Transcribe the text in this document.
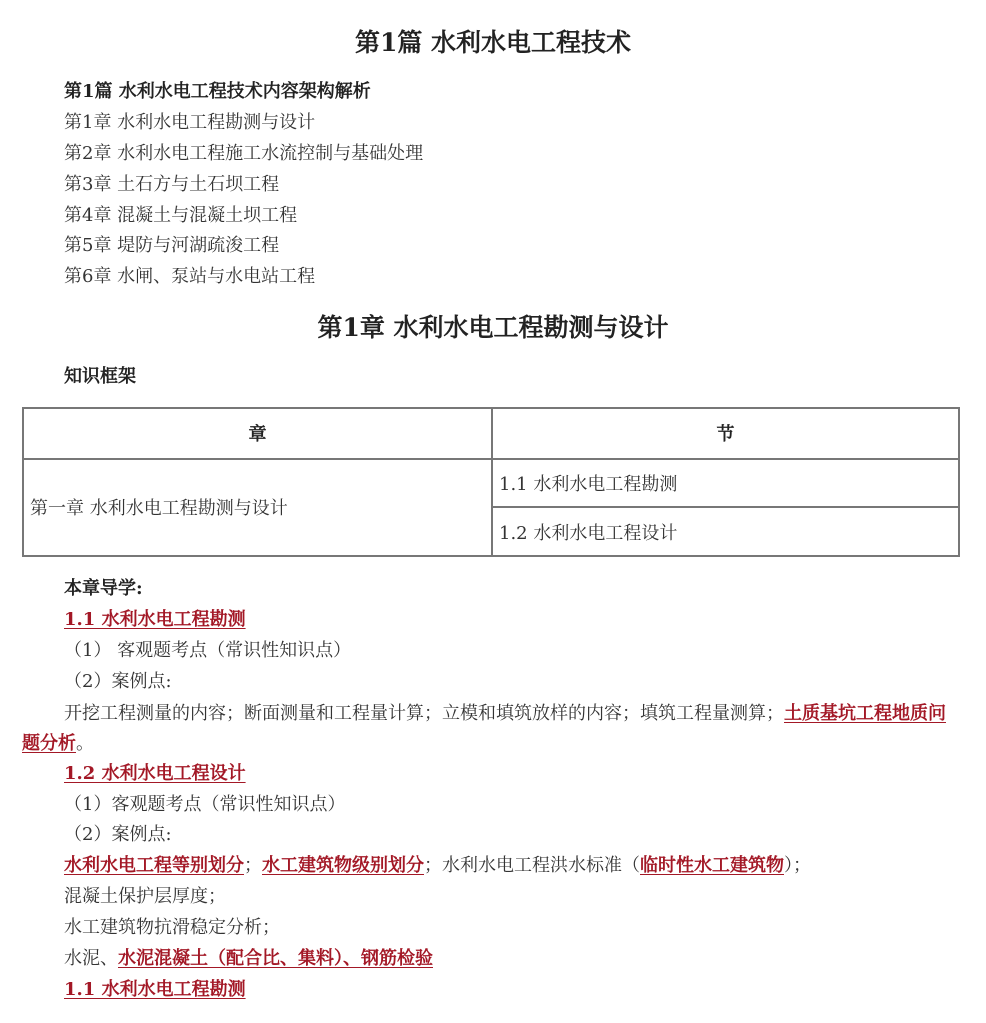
第1篇 水利水电工程技术
第1篇 水利水电工程技术内容架构解析
第1章 水利水电工程勘测与设计
第2章 水利水电工程施工水流控制与基础处理
第3章 土石方与土石坝工程
第4章 混凝土与混凝土坝工程
第5章 堤防与河湖疏浚工程
第6章 水闸、泵站与水电站工程
第1章 水利水电工程勘测与设计
知识框架
章	节
第一章 水利水电工程勘测与设计	1.1 水利水电工程勘测
	1.2 水利水电工程设计
本章导学:
1.1 水利水电工程勘测
（1） 客观题考点（常识性知识点）
（2）案例点:
开挖工程测量的内容；断面测量和工程量计算；立模和填筑放样的内容；填筑工程量测算；土质基坑工程地质问题分析。
1.2 水利水电工程设计
（1）客观题考点（常识性知识点）
（2）案例点:
水利水电工程等别划分；水工建筑物级别划分；水利水电工程洪水标准（临时性水工建筑物）；
混凝土保护层厚度；
水工建筑物抗滑稳定分析；
水泥、水泥混凝土（配合比、集料）、钢筋检验
1.1 水利水电工程勘测
